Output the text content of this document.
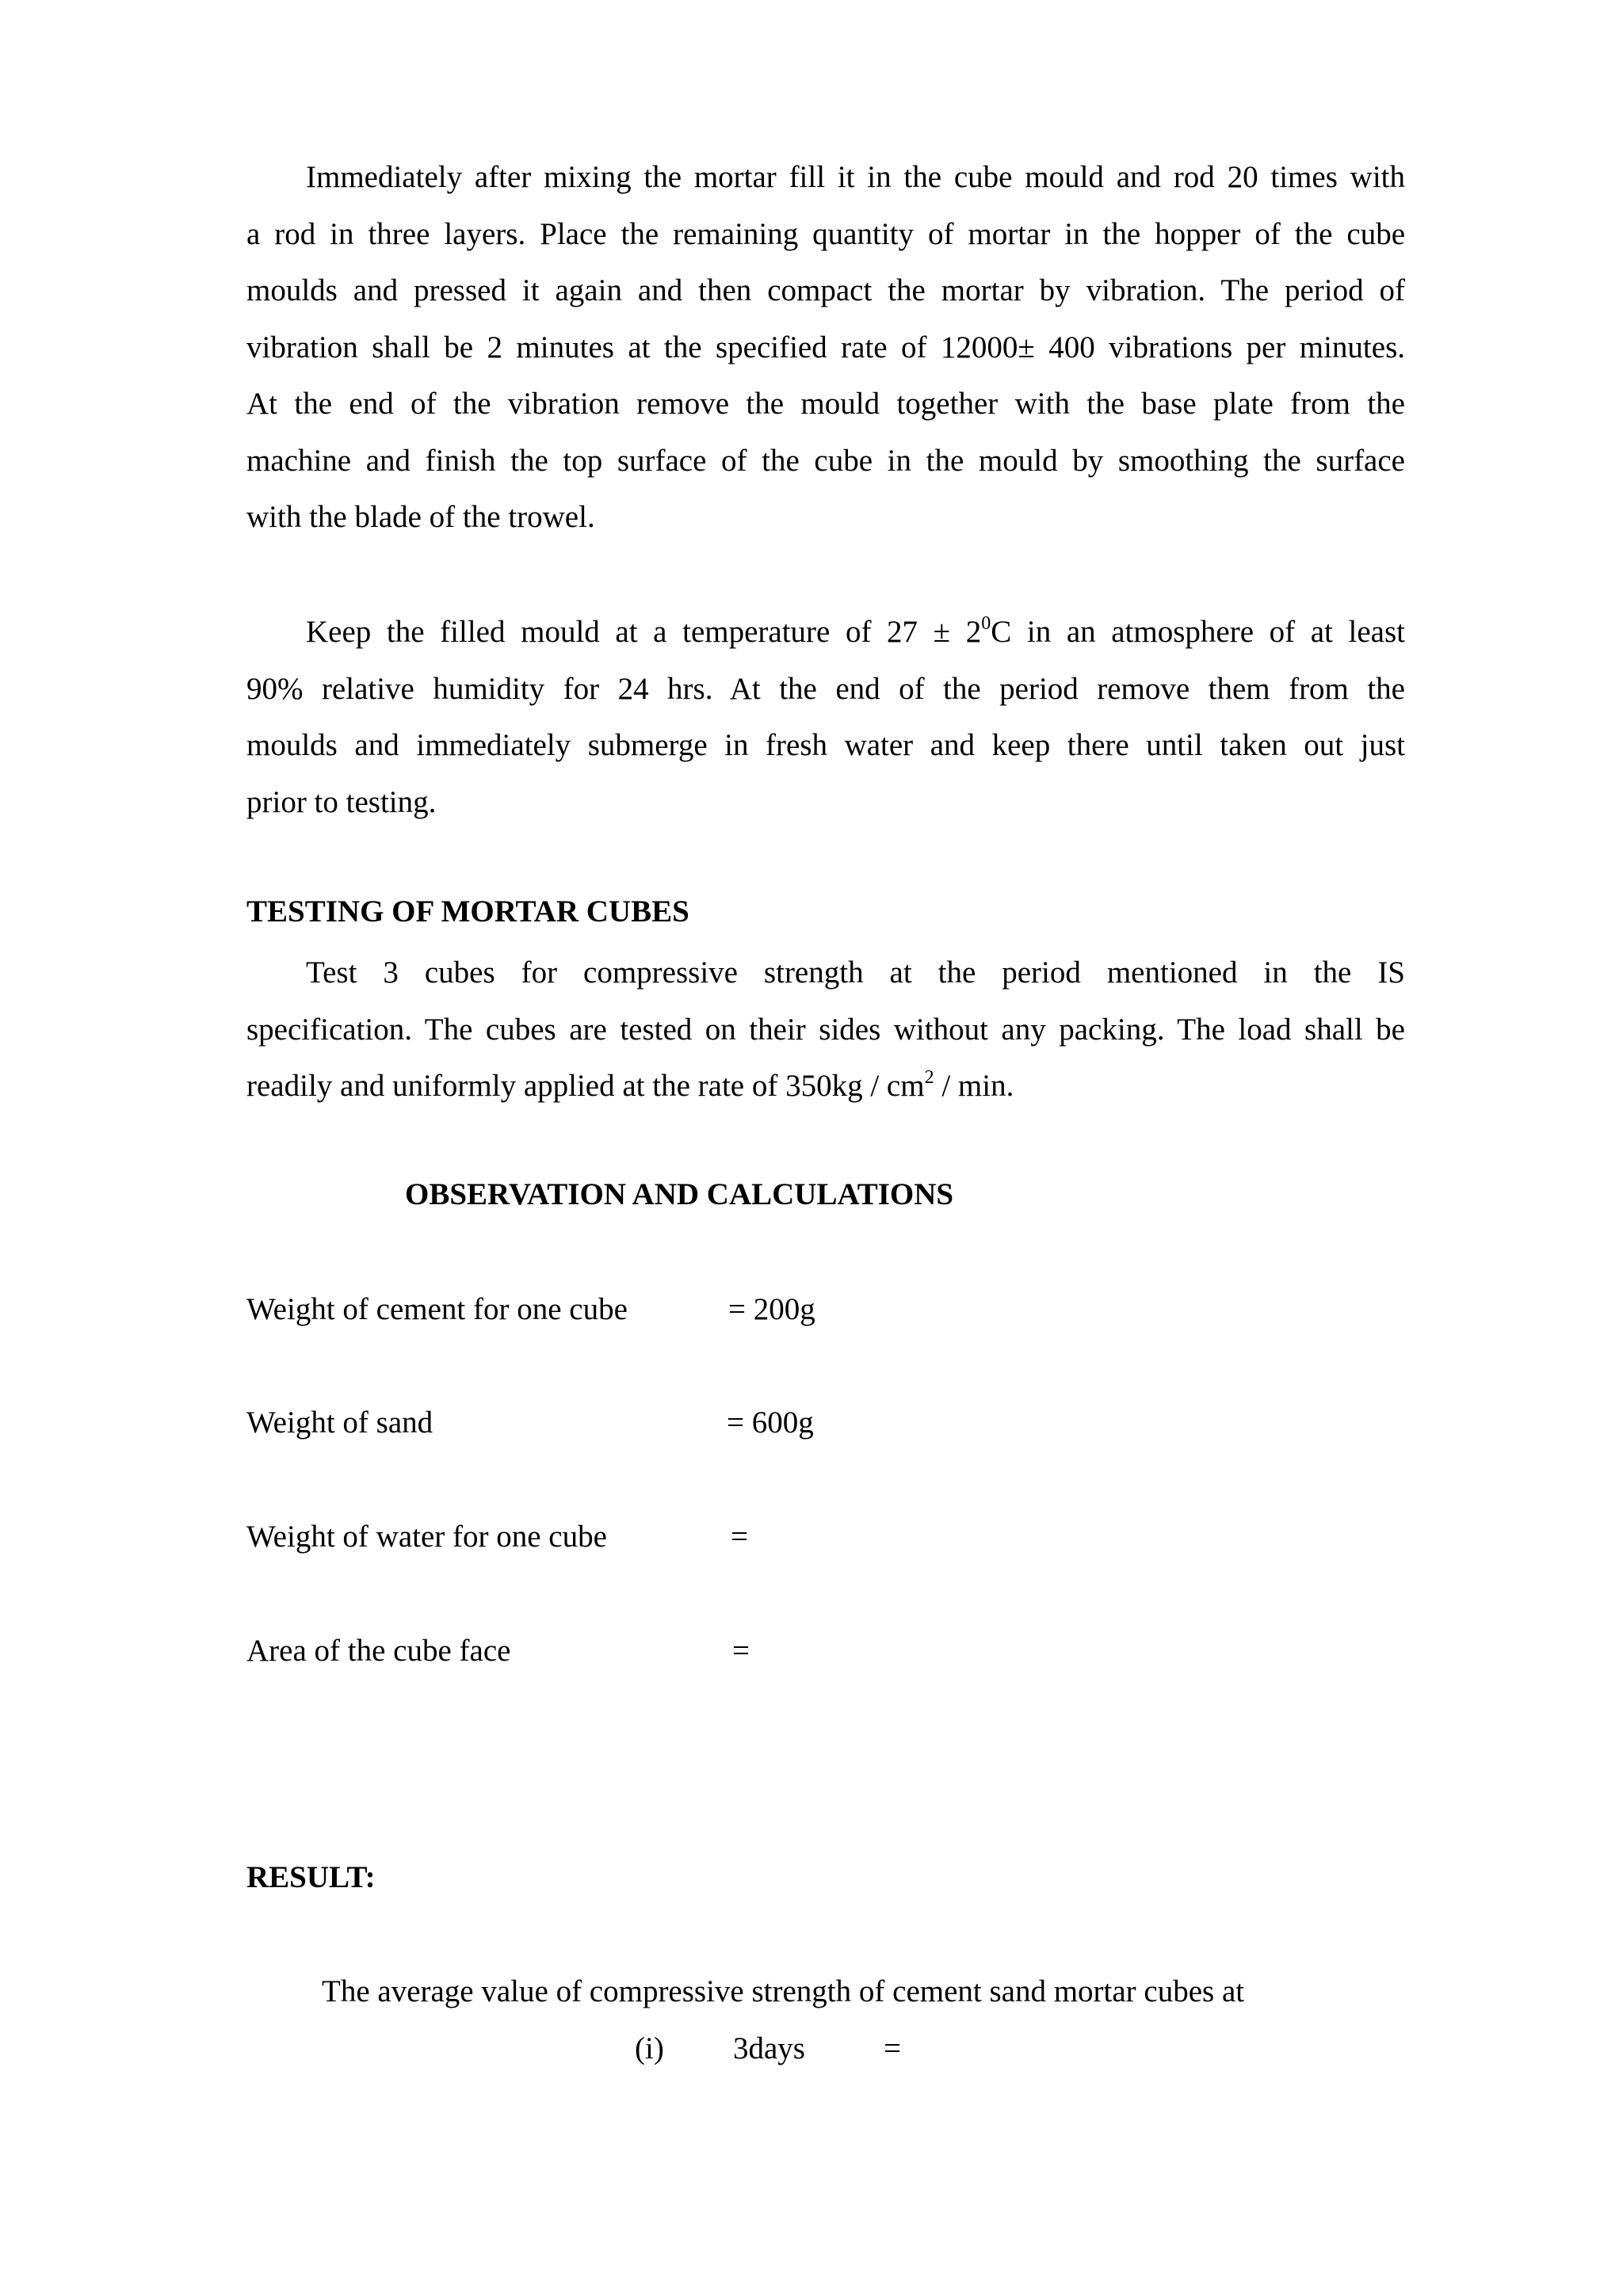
Immediately after mixing the mortar fill it in the cube mould and rod 20 times with
a rod in three layers. Place the remaining quantity of mortar in the hopper of the cube
moulds and pressed it again and then compact the mortar by vibration. The period of
vibration shall be 2 minutes at the specified rate of 12000± 400 vibrations per minutes.
At the end of the vibration remove the mould together with the base plate from the
machine and finish the top surface of the cube in the mould by smoothing the surface
with the blade of the trowel.
Keep the filled mould at a temperature of $27 \pm 2^0C$ in an atmosphere of at least
90% relative humidity for 24 hrs. At the end of the period remove them from the
moulds and immediately submerge in fresh water and keep there until taken out just
prior to testing.
TESTING OF MORTAR CUBES
Test 3 cubes for compressive strength at the period mentioned in the IS
specification. The cubes are tested on their sides without any packing. The load shall be
readily and uniformly applied at the rate of $350kg / cm^2$ / min.
OBSERVATION AND CALCULATIONS
Weight of cement for one cube	= 200g
Weight of sand	= 600g
Weight of water for one cube	=
Area of the cube face	=
RESULT:
The average value of compressive strength of cement sand mortar cubes at
(i) 3days	=
